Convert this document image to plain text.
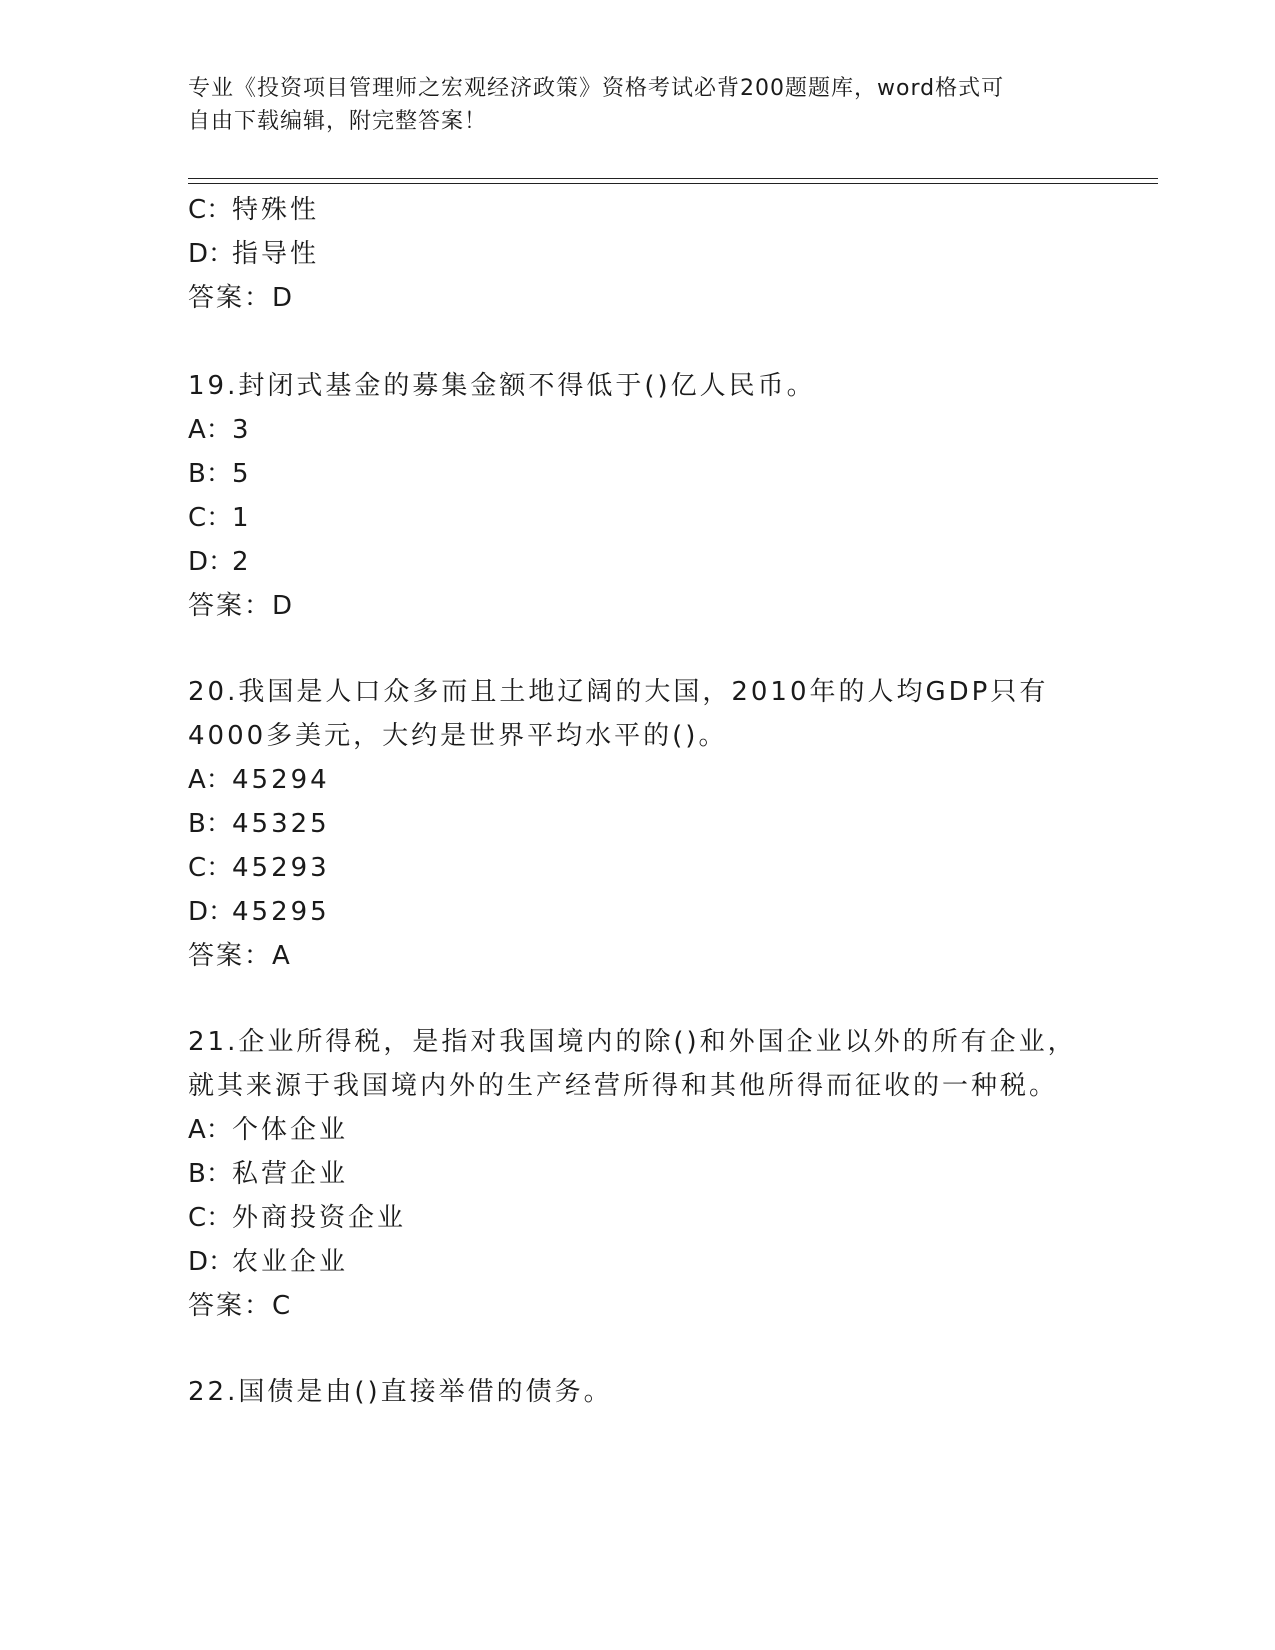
专业《投资项目管理师之宏观经济政策》资格考试必背200题题库，word格式可
自由下载编辑，附完整答案！
C：特殊性
D：指导性
答案：D
19.封闭式基金的募集金额不得低于()亿人民币。
A：3
B：5
C：1
D：2
答案：D
20.我国是人口众多而且土地辽阔的大国，2010年的人均GDP只有
4000多美元，大约是世界平均水平的()。
A：45294
B：45325
C：45293
D：45295
答案：A
21.企业所得税，是指对我国境内的除()和外国企业以外的所有企业，
就其来源于我国境内外的生产经营所得和其他所得而征收的一种税。
A：个体企业
B：私营企业
C：外商投资企业
D：农业企业
答案：C
22.国债是由()直接举借的债务。
